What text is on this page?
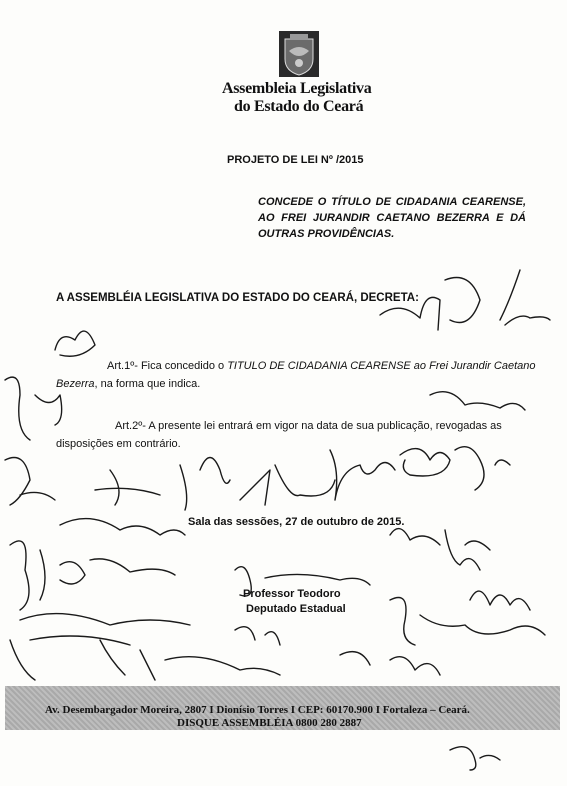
Assembleia Legislativa
do Estado do Ceará
PROJETO DE LEI Nº /2015
CONCEDE O TÍTULO DE CIDADANIA CEARENSE, AO FREI JURANDIR CAETANO BEZERRA E DÁ OUTRAS PROVIDÊNCIAS.
A ASSEMBLÉIA LEGISLATIVA DO ESTADO DO CEARÁ, DECRETA:
Art.1º- Fica concedido o TITULO DE CIDADANIA CEARENSE ao Frei Jurandir Caetano
Bezerra, na forma que indica.
Art.2º- A presente lei entrará em vigor na data de sua publicação, revogadas as
disposições em contrário.
Sala das sessões, 27 de outubro de 2015.
Professor Teodoro
Deputado Estadual
Av. Desembargador Moreira, 2807 I Dionísio Torres I CEP: 60170.900 I Fortaleza – Ceará.
DISQUE ASSEMBLÉIA 0800 280 2887
